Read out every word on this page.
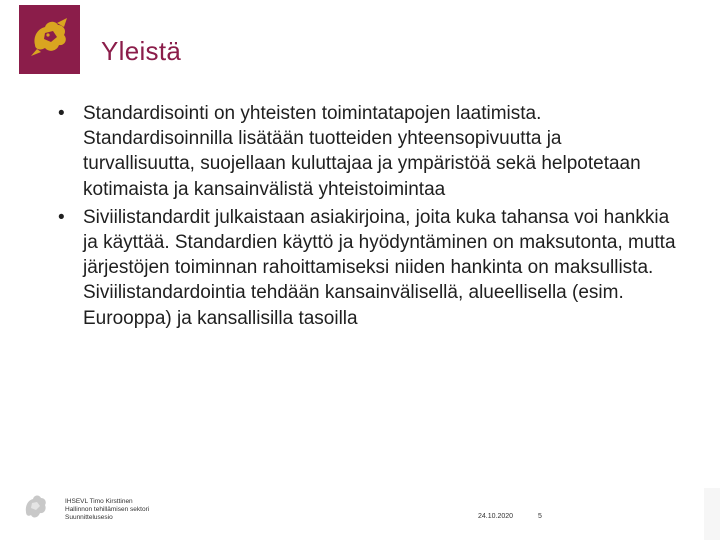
Yleistä
• Standardisointi on yhteisten toimintatapojen laatimista. Standardisoinnilla lisätään tuotteiden yhteensopivuutta ja turvallisuutta, suojellaan kuluttajaa ja ympäristöä sekä helpotetaan kotimaista ja kansainvälistä yhteistoimintaa
• Siviilistandardit julkaistaan asiakirjoina, joita kuka tahansa voi hankkia ja käyttää. Standardien käyttö ja hyödyntäminen on maksutonta, mutta järjestöjen toiminnan rahoittamiseksi niiden hankinta on maksullista. Siviilistandardointia tehdään kansainvälisellä, alueellisella (esim. Eurooppa) ja kansallisilla tasoilla
IHSEVL Timo Kirsttinen
Hallinnon tehillämisen sektori
Suunnittelusesio	24.10.2020	5
